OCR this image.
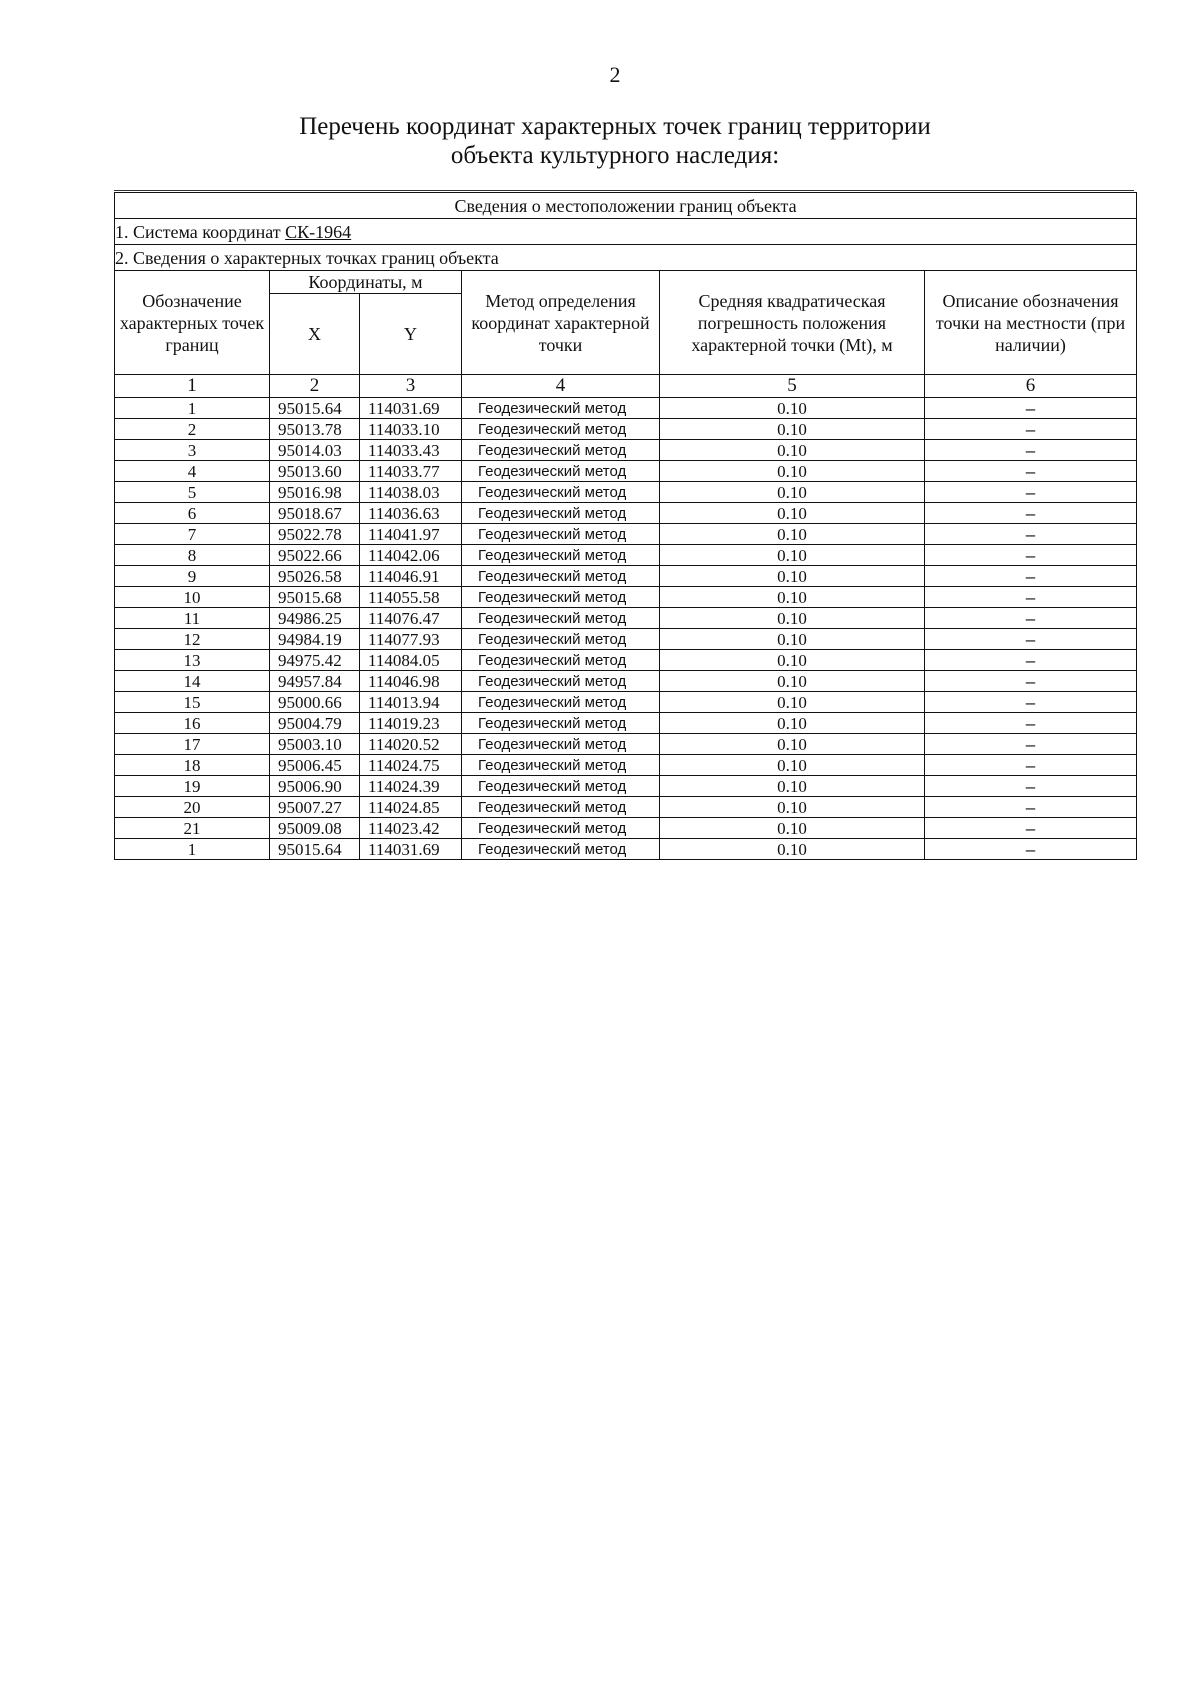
2
Перечень координат характерных точек границ территории
объекта культурного наследия:
Сведения о местоположении границ объекта					
1. Система координат СК-1964					
2. Сведения о характерных точках границ объекта					
Обозначение характерных точек границ	Координаты, м		Метод определения координат характерной точки	Средняя квадратическая погрешность положения характерной точки (Mt), м	Описание обозначения точки на местности (при наличии)
	X	Y			
1	2	3	4	5	6
1	95015.64	114031.69	Геодезический метод	0.10	–
2	95013.78	114033.10	Геодезический метод	0.10	–
3	95014.03	114033.43	Геодезический метод	0.10	–
4	95013.60	114033.77	Геодезический метод	0.10	–
5	95016.98	114038.03	Геодезический метод	0.10	–
6	95018.67	114036.63	Геодезический метод	0.10	–
7	95022.78	114041.97	Геодезический метод	0.10	–
8	95022.66	114042.06	Геодезический метод	0.10	–
9	95026.58	114046.91	Геодезический метод	0.10	–
10	95015.68	114055.58	Геодезический метод	0.10	–
11	94986.25	114076.47	Геодезический метод	0.10	–
12	94984.19	114077.93	Геодезический метод	0.10	–
13	94975.42	114084.05	Геодезический метод	0.10	–
14	94957.84	114046.98	Геодезический метод	0.10	–
15	95000.66	114013.94	Геодезический метод	0.10	–
16	95004.79	114019.23	Геодезический метод	0.10	–
17	95003.10	114020.52	Геодезический метод	0.10	–
18	95006.45	114024.75	Геодезический метод	0.10	–
19	95006.90	114024.39	Геодезический метод	0.10	–
20	95007.27	114024.85	Геодезический метод	0.10	–
21	95009.08	114023.42	Геодезический метод	0.10	–
1	95015.64	114031.69	Геодезический метод	0.10	–
